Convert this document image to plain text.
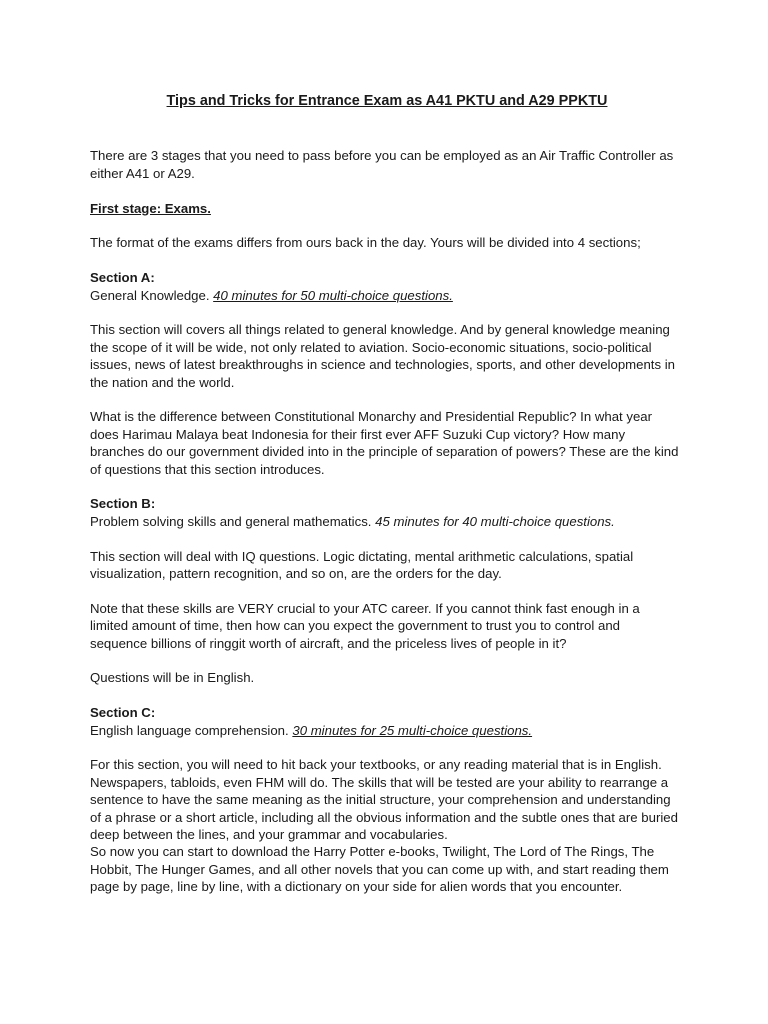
Tips and Tricks for Entrance Exam as A41 PKTU and A29 PPKTU

There are 3 stages that you need to pass before you can be employed as an Air Traffic Controller as either A41 or A29.

First stage: Exams.

The format of the exams differs from ours back in the day. Yours will be divided into 4 sections;

Section A:

General Knowledge. 40 minutes for 50 multi-choice questions.

This section will covers all things related to general knowledge. And by general knowledge meaning the scope of it will be wide, not only related to aviation. Socio-economic situations, socio-political issues, news of latest breakthroughs in science and technologies, sports, and other developments in the nation and the world.

What is the difference between Constitutional Monarchy and Presidential Republic? In what year does Harimau Malaya beat Indonesia for their first ever AFF Suzuki Cup victory? How many branches do our government divided into in the principle of separation of powers? These are the kind of questions that this section introduces.

Section B:

Problem solving skills and general mathematics. 45 minutes for 40 multi-choice questions.

This section will deal with IQ questions. Logic dictating, mental arithmetic calculations, spatial visualization, pattern recognition, and so on, are the orders for the day.

Note that these skills are VERY crucial to your ATC career. If you cannot think fast enough in a limited amount of time, then how can you expect the government to trust you to control and sequence billions of ringgit worth of aircraft, and the priceless lives of people in it?

Questions will be in English.

Section C:

English language comprehension. 30 minutes for 25 multi-choice questions.

For this section, you will need to hit back your textbooks, or any reading material that is in English. Newspapers, tabloids, even FHM will do. The skills that will be tested are your ability to rearrange a sentence to have the same meaning as the initial structure, your comprehension and understanding of a phrase or a short article, including all the obvious information and the subtle ones that are buried deep between the lines, and your grammar and vocabularies.

So now you can start to download the Harry Potter e-books, Twilight, The Lord of The Rings, The Hobbit, The Hunger Games, and all other novels that you can come up with, and start reading them page by page, line by line, with a dictionary on your side for alien words that you encounter.
